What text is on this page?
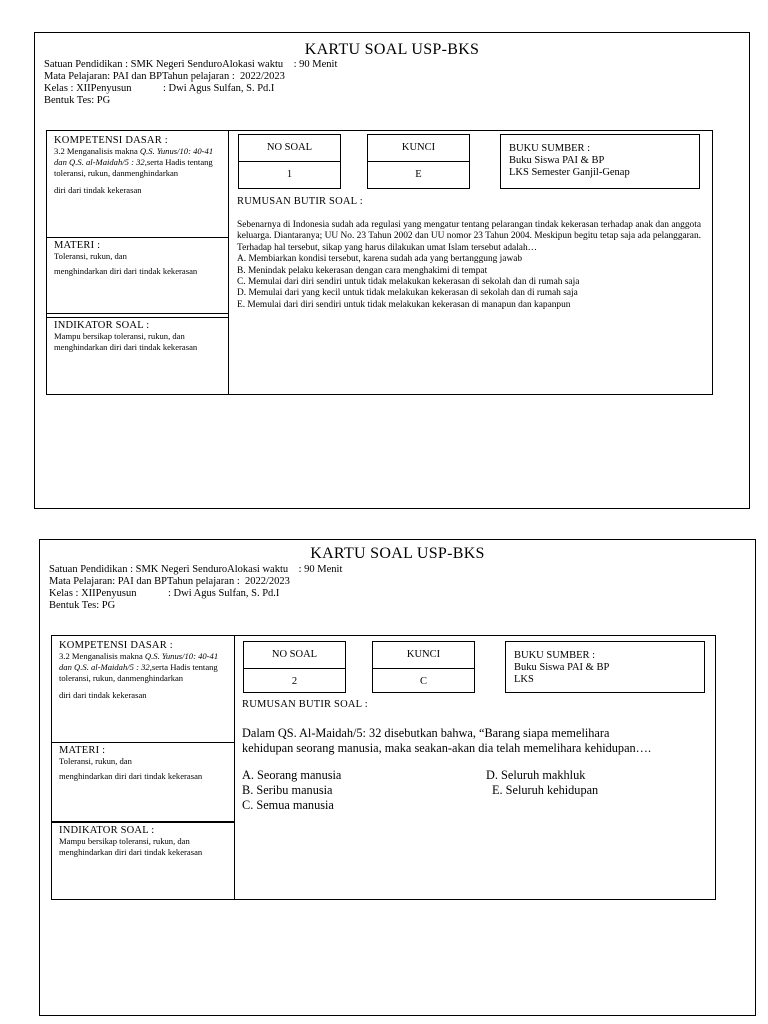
KARTU SOAL USP-BKS
Satuan Pendidikan : SMK Negeri SenduroAlokasi waktu    : 90 Menit
Mata Pelajaran: PAI dan BPTahun pelajaran :  2022/2023
Kelas : XIIPenyusun            : Dwi Agus Sulfan, S. Pd.I
Bentuk Tes: PG
KOMPETENSI DASAR :
3.2 Menganalisis makna Q.S. Yunus/10: 40-41 dan Q.S. al-Maidah/5 : 32,serta Hadis tentang toleransi, rukun, danmenghindarkan
diri dari tindak kekerasan
MATERI :
Toleransi, rukun, dan
menghindarkan diri dari tindak kekerasan
INDIKATOR SOAL :
Mampu bersikap toleransi, rukun, dan menghindarkan diri dari tindak kekerasan
NO SOAL
1
KUNCI
E
BUKU SUMBER :
Buku Siswa PAI & BP
LKS Semester Ganjil-Genap
RUMUSAN BUTIR SOAL :
Sebenarnya di Indonesia sudah ada regulasi yang mengatur tentang pelarangan tindak kekerasan terhadap anak dan anggota keluarga. Diantaranya; UU No. 23 Tahun 2002 dan UU nomor 23 Tahun 2004. Meskipun begitu tetap saja ada pelanggaran. Terhadap hal tersebut, sikap yang harus dilakukan umat Islam tersebut adalah…
A. Membiarkan kondisi tersebut, karena sudah ada yang bertanggung jawab
B. Menindak pelaku kekerasan dengan cara menghakimi di tempat
C. Memulai dari diri sendiri untuk tidak melakukan kekerasan di sekolah dan di rumah saja
D. Memulai dari yang kecil untuk tidak melakukan kekerasan di sekolah dan di rumah saja
E. Memulai dari diri sendiri untuk tidak melakukan kekerasan di manapun dan kapanpun
KARTU SOAL USP-BKS
Satuan Pendidikan : SMK Negeri SenduroAlokasi waktu    : 90 Menit
Mata Pelajaran: PAI dan BPTahun pelajaran :  2022/2023
Kelas : XIIPenyusun            : Dwi Agus Sulfan, S. Pd.I
Bentuk Tes: PG
KOMPETENSI DASAR :
3.2 Menganalisis makna Q.S. Yunus/10: 40-41 dan Q.S. al-Maidah/5 : 32,serta Hadis tentang toleransi, rukun, danmenghindarkan
diri dari tindak kekerasan
MATERI :
Toleransi, rukun, dan
menghindarkan diri dari tindak kekerasan
INDIKATOR SOAL :
Mampu bersikap toleransi, rukun, dan menghindarkan diri dari tindak kekerasan
NO SOAL
2
KUNCI
C
BUKU SUMBER :
Buku Siswa PAI & BP
LKS
RUMUSAN BUTIR SOAL :
Dalam QS. Al-Maidah/5: 32 disebutkan bahwa, “Barang siapa memelihara kehidupan seorang manusia, maka seakan-akan dia telah memelihara kehidupan….
A. Seorang manusia	D. Seluruh makhluk
B. Seribu manusia	E. Seluruh kehidupan
C. Semua manusia
